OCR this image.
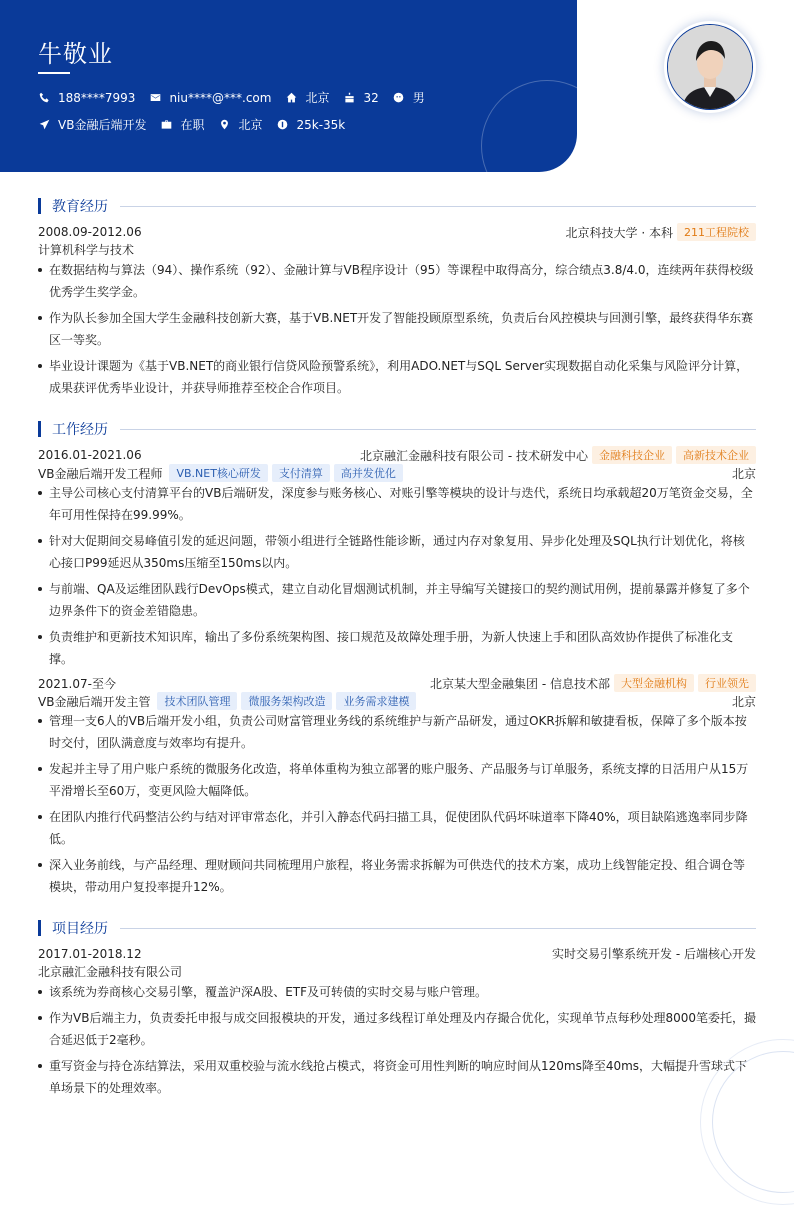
牛敬业
188****7993	niu****@***.com	北京	32	男
VB金融后端开发	在职	北京	25k-35k
教育经历
2008.09-2012.06	北京科技大学 · 本科	211工程院校
计算机科学与技术
在数据结构与算法（94）、操作系统（92）、金融计算与VB程序设计（95）等课程中取得高分，综合绩点3.8/4.0，连续两年获得校级优秀学生奖学金。
作为队长参加全国大学生金融科技创新大赛，基于VB.NET开发了智能投顾原型系统，负责后台风控模块与回测引擎，最终获得华东赛区一等奖。
毕业设计课题为《基于VB.NET的商业银行信贷风险预警系统》，利用ADO.NET与SQL Server实现数据自动化采集与风险评分计算，成果获评优秀毕业设计，并获导师推荐至校企合作项目。
工作经历
2016.01-2021.06	北京融汇金融科技有限公司 - 技术研发中心	金融科技企业	高新技术企业
VB金融后端开发工程师	VB.NET核心研发	支付清算	高并发优化	北京
主导公司核心支付清算平台的VB后端研发，深度参与账务核心、对账引擎等模块的设计与迭代，系统日均承载超20万笔资金交易，全年可用性保持在99.99%。
针对大促期间交易峰值引发的延迟问题，带领小组进行全链路性能诊断，通过内存对象复用、异步化处理及SQL执行计划优化，将核心接口P99延迟从350ms压缩至150ms以内。
与前端、QA及运维团队践行DevOps模式，建立自动化冒烟测试机制，并主导编写关键接口的契约测试用例，提前暴露并修复了多个边界条件下的资金差错隐患。
负责维护和更新技术知识库，输出了多份系统架构图、接口规范及故障处理手册，为新人快速上手和团队高效协作提供了标准化支撑。
2021.07-至今	北京某大型金融集团 - 信息技术部	大型金融机构	行业领先
VB金融后端开发主管	技术团队管理	微服务架构改造	业务需求建模	北京
管理一支6人的VB后端开发小组，负责公司财富管理业务线的系统维护与新产品研发，通过OKR拆解和敏捷看板，保障了多个版本按时交付，团队满意度与效率均有提升。
发起并主导了用户账户系统的微服务化改造，将单体重构为独立部署的账户服务、产品服务与订单服务，系统支撑的日活用户从15万平滑增长至60万，变更风险大幅降低。
在团队内推行代码整洁公约与结对评审常态化，并引入静态代码扫描工具，促使团队代码坏味道率下降40%，项目缺陷逃逸率同步降低。
深入业务前线，与产品经理、理财顾问共同梳理用户旅程，将业务需求拆解为可供迭代的技术方案，成功上线智能定投、组合调仓等模块，带动用户复投率提升12%。
项目经历
2017.01-2018.12	实时交易引擎系统开发 - 后端核心开发
北京融汇金融科技有限公司
该系统为券商核心交易引擎，覆盖沪深A股、ETF及可转债的实时交易与账户管理。
作为VB后端主力，负责委托申报与成交回报模块的开发，通过多线程订单处理及内存撮合优化，实现单节点每秒处理8000笔委托，撮合延迟低于2毫秒。
重写资金与持仓冻结算法，采用双重校验与流水线抢占模式，将资金可用性判断的响应时间从120ms降至40ms，大幅提升雪球式下单场景下的处理效率。
